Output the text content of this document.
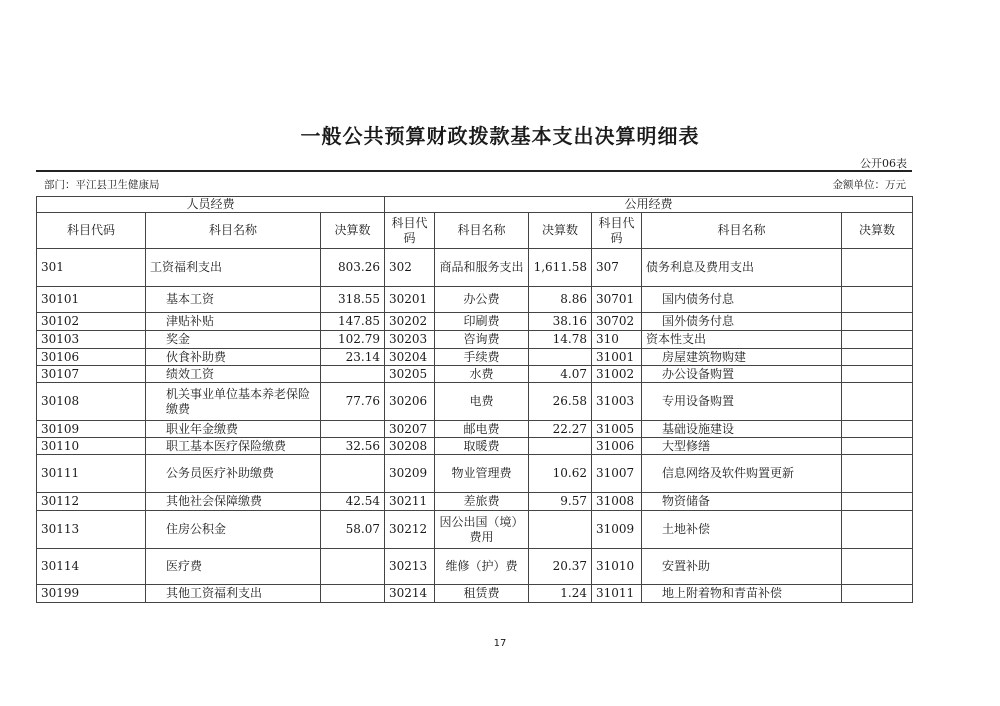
一般公共预算财政拨款基本支出决算明细表
公开06表
部门：平江县卫生健康局	金额单位：万元
人员经费			公用经费					
科目代码	科目名称	决算数	科目代码	科目名称	决算数	科目代码	科目名称	决算数
301	工资福利支出	803.26	302	商品和服务支出	1,611.58	307	债务利息及费用支出	
30101	基本工资	318.55	30201	办公费	8.86	30701	国内债务付息	
30102	津贴补贴	147.85	30202	印刷费	38.16	30702	国外债务付息	
30103	奖金	102.79	30203	咨询费	14.78	310	资本性支出	
30106	伙食补助费	23.14	30204	手续费		31001	房屋建筑物购建	
30107	绩效工资		30205	水费	4.07	31002	办公设备购置	
30108	机关事业单位基本养老保险缴费	77.76	30206	电费	26.58	31003	专用设备购置	
30109	职业年金缴费		30207	邮电费	22.27	31005	基础设施建设	
30110	职工基本医疗保险缴费	32.56	30208	取暖费		31006	大型修缮	
30111	公务员医疗补助缴费		30209	物业管理费	10.62	31007	信息网络及软件购置更新	
30112	其他社会保障缴费	42.54	30211	差旅费	9.57	31008	物资储备	
30113	住房公积金	58.07	30212	因公出国（境）费用		31009	土地补偿	
30114	医疗费		30213	维修（护）费	20.37	31010	安置补助	
30199	其他工资福利支出		30214	租赁费	1.24	31011	地上附着物和青苗补偿	
17
